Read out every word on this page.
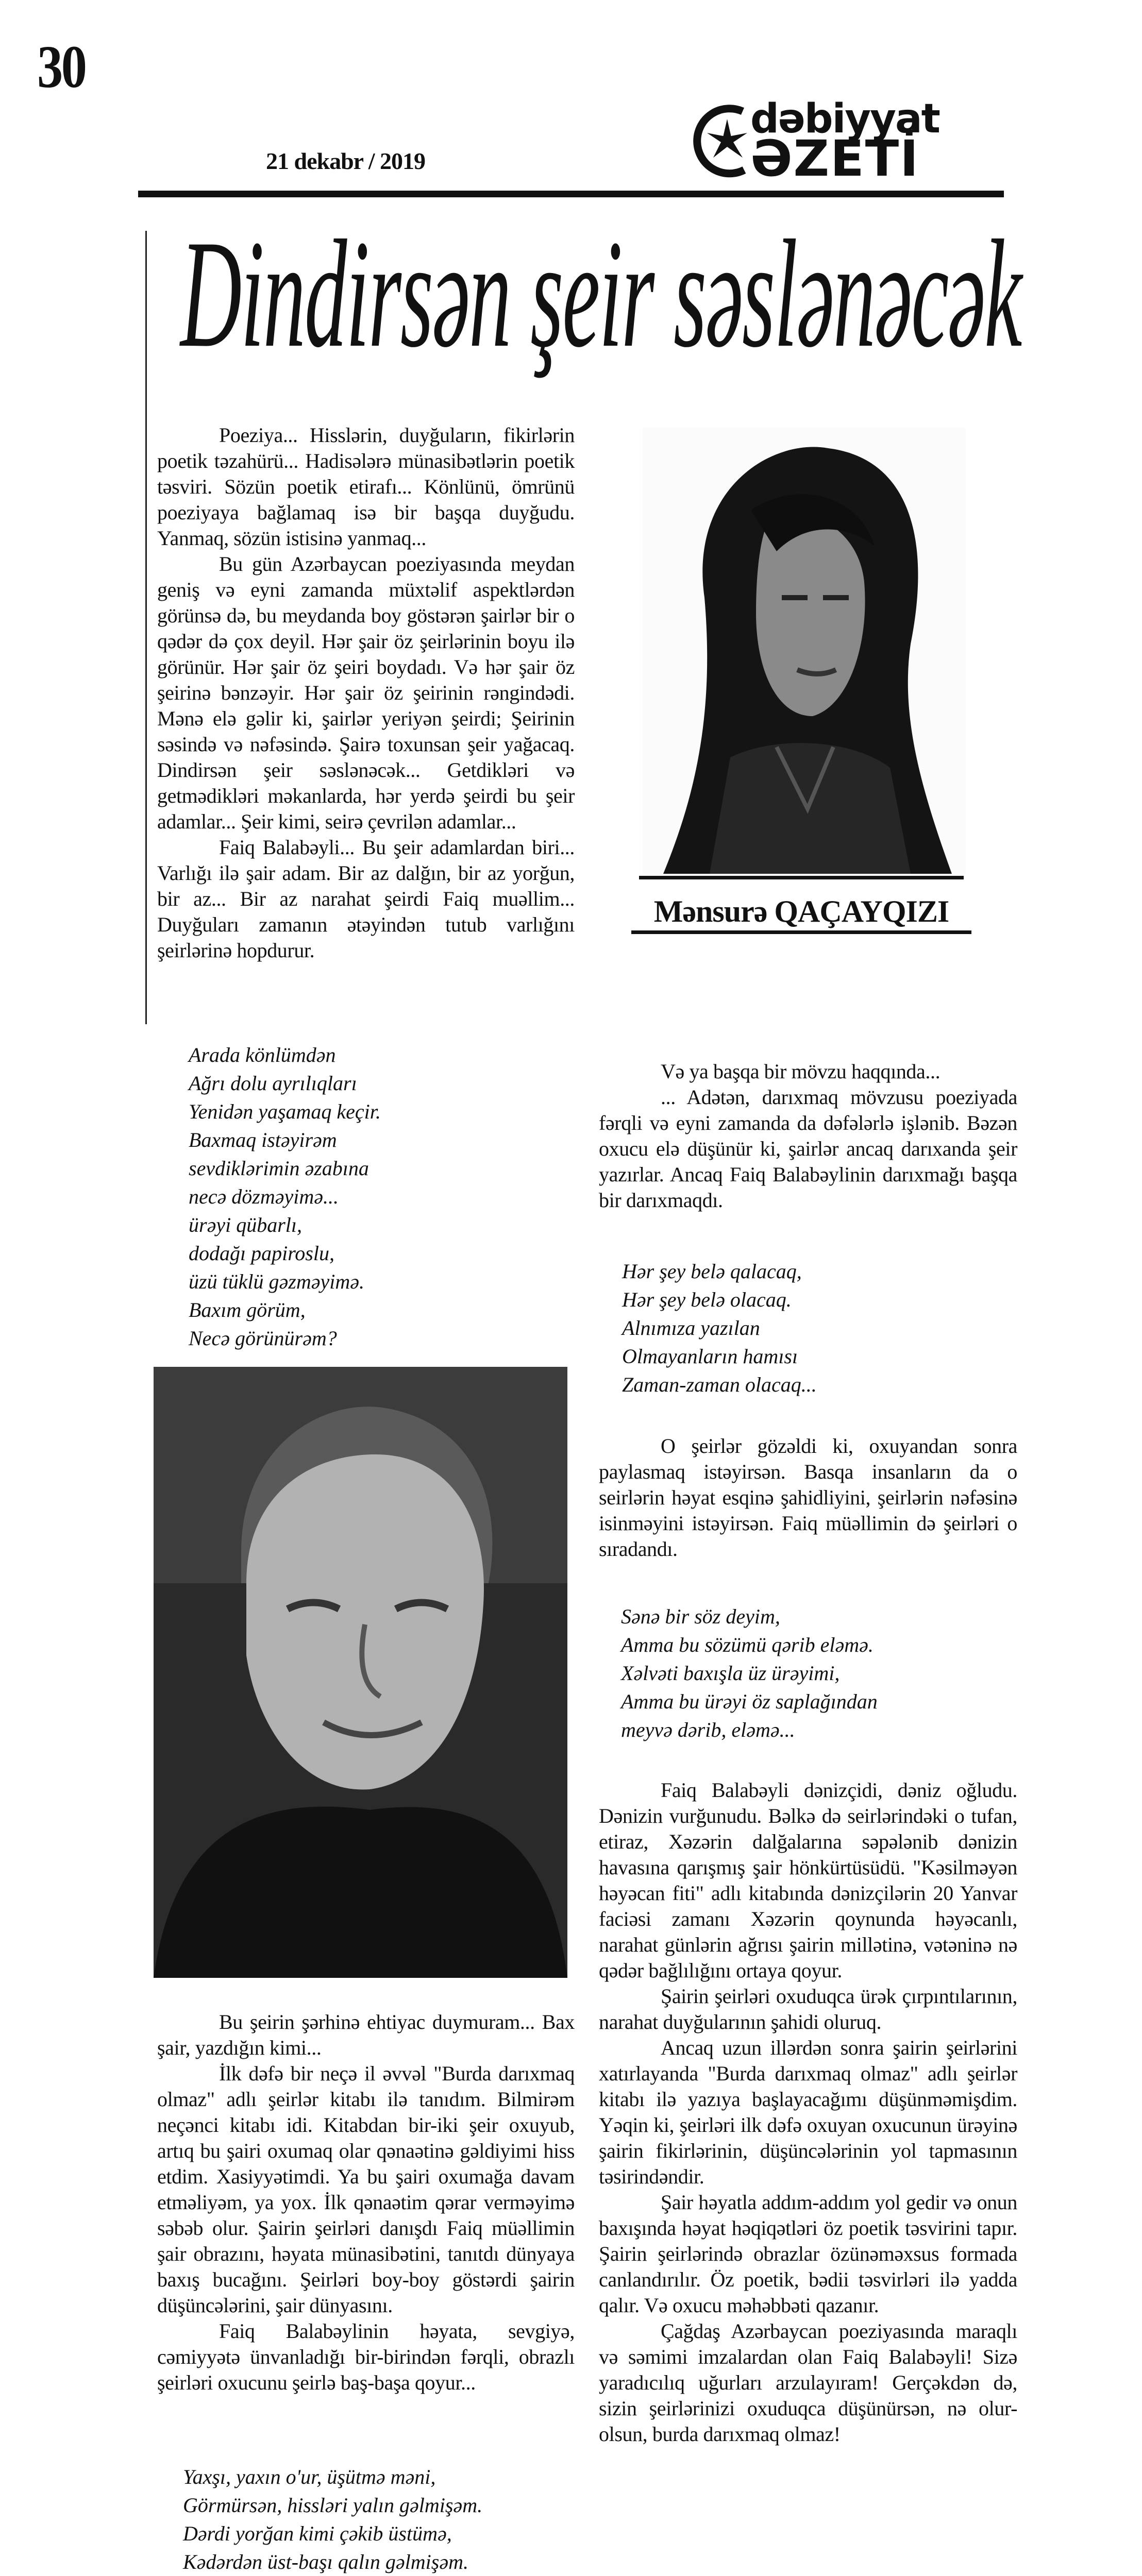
30
21 dekabr / 2019
dəbiyyat
ƏZETİ
Dindirsən şeir səslənəcək

Poeziya... Hisslərin, duyğuların, fikirlərin poetik təzahürü... Hadisələrə münasibətlərin poetik təsviri. Sözün poetik etirafı... Könlünü, ömrünü poeziyaya bağlamaq isə bir başqa duyğudu. Yanmaq, sözün istisinə yanmaq...

Bu gün Azərbaycan poeziyasında meydan geniş və eyni zamanda müxtəlif aspektlərdən görünsə də, bu meydanda boy göstərən şairlər bir o qədər də çox deyil. Hər şair öz şeirlərinin boyu ilə görünür. Hər şair öz şeiri boydadı. Və hər şair öz şeirinə bənzəyir. Hər şair öz şeirinin rəngindədi. Mənə elə gəlir ki, şairlər yeriyən şeirdi; Şeirinin səsində və nəfəsində. Şairə toxunsan şeir yağacaq. Dindirsən şeir səslənəcək... Getdikləri və getmədikləri məkanlarda, hər yerdə şeirdi bu şeir adamlar... Şeir kimi, seirə çevrilən adamlar...

Faiq Balabəyli... Bu şeir adamlardan biri... Varlığı ilə şair adam. Bir az dalğın, bir az yorğun, bir az... Bir az narahat şeirdi Faiq muəllim... Duyğuları zamanın ətəyindən tutub varlığını şeirlərinə hopdurur.

Arada könlümdən
Ağrı dolu ayrılıqları
Yenidən yaşamaq keçir.
Baxmaq istəyirəm
sevdiklərimin əzabına
necə dözməyimə...
ürəyi qübarlı,
dodağı papiroslu,
üzü tüklü gəzməyimə.
Baxım görüm,
Necə görünürəm?
Mənsurə QAÇAYQIZI

Bu şeirin şərhinə ehtiyac duymuram... Bax şair, yazdığın kimi...

İlk dəfə bir neçə il əvvəl "Burda darıxmaq olmaz" adlı şeirlər kitabı ilə tanıdım. Bilmirəm neçənci kitabı idi. Kitabdan bir-iki şeir oxuyub, artıq bu şairi oxumaq olar qənaətinə gəldiyimi hiss etdim. Xasiyyətimdi. Ya bu şairi oxumağa davam etməliyəm, ya yox. İlk qənaətim qərar verməyimə səbəb olur. Şairin şeirləri danışdı Faiq müəllimin şair obrazını, həyata münasibətini, tanıtdı dünyaya baxış bucağını. Şeirləri boy-boy göstərdi şairin düşüncələrini, şair dünyasını.

Faiq Balabəylinin həyata, sevgiyə, cəmiyyətə ünvanladığı bir-birindən fərqli, obrazlı şeirləri oxucunu şeirlə baş-başa qoyur...

Yaxşı, yaxın o'ur, üşütmə məni,
Görmürsən, hissləri yalın gəlmişəm.
Dərdi yorğan kimi çəkib üstümə,
Kədərdən üst-başı qalın gəlmişəm.

Və ya başqa bir mövzu haqqında...

... Adətən, darıxmaq mövzusu poeziyada fərqli və eyni zamanda da dəfələrlə işlənib. Bəzən oxucu elə düşünür ki, şairlər ancaq darıxanda şeir yazırlar. Ancaq Faiq Balabəylinin darıxmağı başqa bir darıxmaqdı.

Hər şey belə qalacaq,
Hər şey belə olacaq.
Alnımıza yazılan
Olmayanların hamısı
Zaman-zaman olacaq...

O şeirlər gözəldi ki, oxuyandan sonra paylasmaq istəyirsən. Basqa insanların da o seirlərin həyat esqinə şahidliyini, şeirlərin nəfəsinə isinməyini istəyirsən. Faiq müəllimin də şeirləri o sıradandı.

Sənə bir söz deyim,
Amma bu sözümü qərib eləmə.
Xəlvəti baxışla üz ürəyimi,
Amma bu ürəyi öz saplağından
meyvə dərib, eləmə...

Faiq Balabəyli dənizçidi, dəniz oğludu. Dənizin vurğunudu. Bəlkə də seirlərindəki o tufan, etiraz, Xəzərin dalğalarına səpələnib dənizin havasına qarışmış şair hönkürtüsüdü. "Kəsilməyən həyəcan fiti" adlı kitabında dənizçilərin 20 Yanvar faciəsi zamanı Xəzərin qoynunda həyəcanlı, narahat günlərin ağrısı şairin millətinə, vətəninə nə qədər bağlılığını ortaya qoyur.

Şairin şeirləri oxuduqca ürək çırpıntılarının, narahat duyğularının şahidi oluruq.

Ancaq uzun illərdən sonra şairin şeirlərini xatırlayanda "Burda darıxmaq olmaz" adlı şeirlər kitabı ilə yazıya başlayacağımı düşünməmişdim. Yəqin ki, şeirləri ilk dəfə oxuyan oxucunun ürəyinə şairin fikirlərinin, düşüncələrinin yol tapmasının təsirindəndir.

Şair həyatla addım-addım yol gedir və onun baxışında həyat həqiqətləri öz poetik təsvirini tapır. Şairin şeirlərində obrazlar özünəməxsus formada canlandırılır. Öz poetik, bədii təsvirləri ilə yadda qalır. Və oxucu məhəbbəti qazanır.

Çağdaş Azərbaycan poeziyasında maraqlı və səmimi imzalardan olan Faiq Balabəyli! Sizə yaradıcılıq uğurları arzulayıram! Gerçəkdən də, sizin şeirlərinizi oxuduqca düşünürsən, nə olur-olsun, burda darıxmaq olmaz!
